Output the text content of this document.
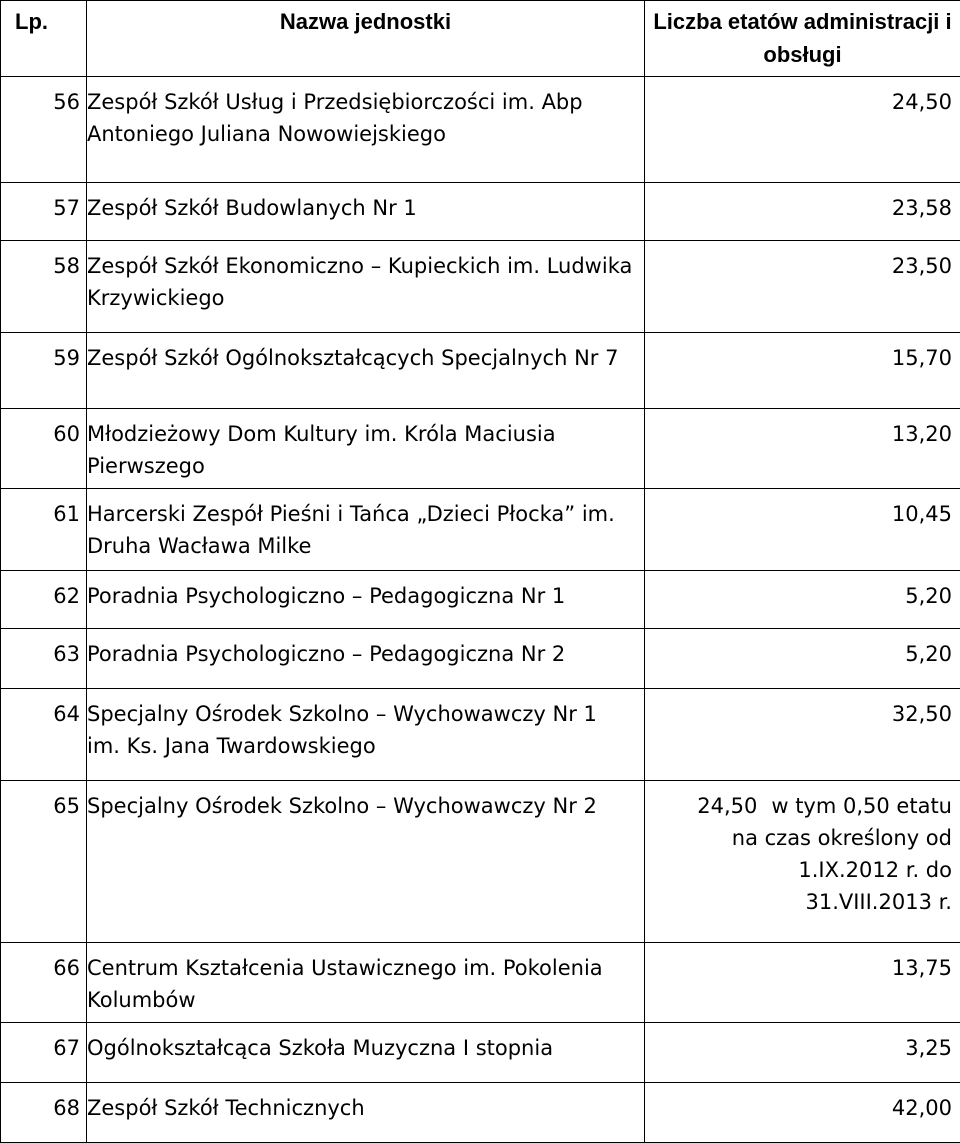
Lp.	Nazwa jednostki	Liczba etatów administracji i obsługi
56	Zespół Szkół Usług i Przedsiębiorczości im. Abp Antoniego Juliana Nowowiejskiego	24,50
57	Zespół Szkół Budowlanych Nr 1	23,58
58	Zespół Szkół Ekonomiczno – Kupieckich im. Ludwika Krzywickiego	23,50
59	Zespół Szkół Ogólnokształcących Specjalnych Nr 7	15,70
60	Młodzieżowy Dom Kultury im. Króla Maciusia Pierwszego	13,20
61	Harcerski Zespół Pieśni i Tańca „Dzieci Płocka” im. Druha Wacława Milke	10,45
62	Poradnia Psychologiczno – Pedagogiczna Nr 1	5,20
63	Poradnia Psychologiczno – Pedagogiczna Nr 2	5,20
64	Specjalny Ośrodek Szkolno – Wychowawczy Nr 1 im. Ks. Jana Twardowskiego	32,50
65	Specjalny Ośrodek Szkolno – Wychowawczy Nr 2	24,50 w tym 0,50 etatu
na czas określony od
1.IX.2012 r. do
31.VIII.2013 r.

66	Centrum Kształcenia Ustawicznego im. Pokolenia Kolumbów	13,75
67	Ogólnokształcąca Szkoła Muzyczna I stopnia	3,25
68	Zespół Szkół Technicznych	42,00
